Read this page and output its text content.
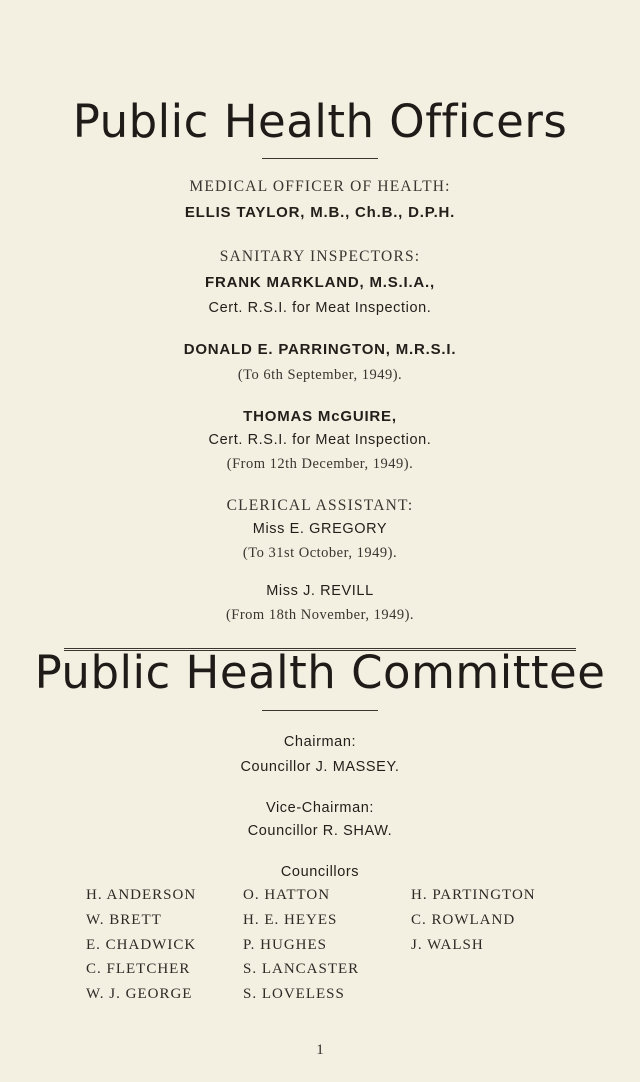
Public Health Officers
MEDICAL OFFICER OF HEALTH:
ELLIS TAYLOR, M.B., Ch.B., D.P.H.
SANITARY INSPECTORS:
FRANK MARKLAND, M.S.I.A.,
Cert. R.S.I. for Meat Inspection.
DONALD E. PARRINGTON, M.R.S.I.
(To 6th September, 1949).
THOMAS McGUIRE,
Cert. R.S.I. for Meat Inspection.
(From 12th December, 1949).
CLERICAL ASSISTANT:
Miss E. GREGORY
(To 31st October, 1949).
Miss J. REVILL
(From 18th November, 1949).
Public Health Committee
Chairman:
Councillor J. MASSEY.
Vice-Chairman:
Councillor R. SHAW.
Councillors
H. ANDERSON
W. BRETT
E. CHADWICK
C. FLETCHER
W. J. GEORGE
O. HATTON
H. E. HEYES
P. HUGHES
S. LANCASTER
S. LOVELESS
H. PARTINGTON
C. ROWLAND
J. WALSH
1
